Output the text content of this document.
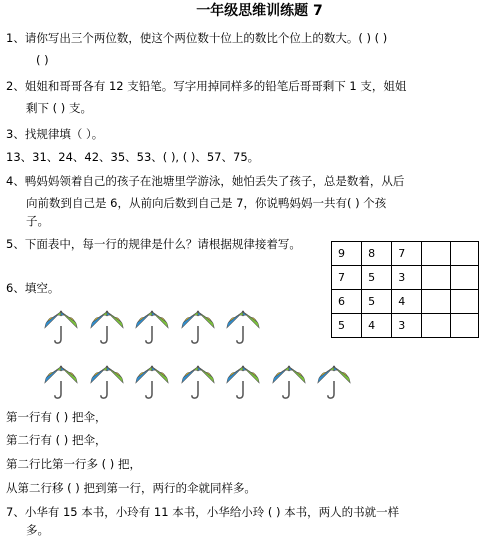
一年级思维训练题 7
1、请你写出三个两位数，使这个两位数十位上的数比个位上的数大。( ) ( )
( )
2、姐姐和哥哥各有 12 支铅笔。写字用掉同样多的铅笔后哥哥剩下 1 支，姐姐
剩下 ( ) 支。
3、找规律填（ ）。
13、31、24、42、35、53、( ), ( )、57、75。
4、鸭妈妈领着自己的孩子在池塘里学游泳，她怕丢失了孩子，总是数着，从后
向前数到自己是 6，从前向后数到自己是 7，你说鸭妈妈一共有( ) 个孩
子。
5、下面表中，每一行的规律是什么？请根据规律接着写。
9	8	7		
7	5	3		
6	5	4		
5	4	3		
6、填空。
第一行有 ( ) 把伞，
第二行有 ( ) 把伞，
第二行比第一行多 ( ) 把，
从第二行移 ( ) 把到第一行，两行的伞就同样多。
7、小华有 15 本书，小玲有 11 本书，小华给小玲 ( ) 本书，两人的书就一样
多。
